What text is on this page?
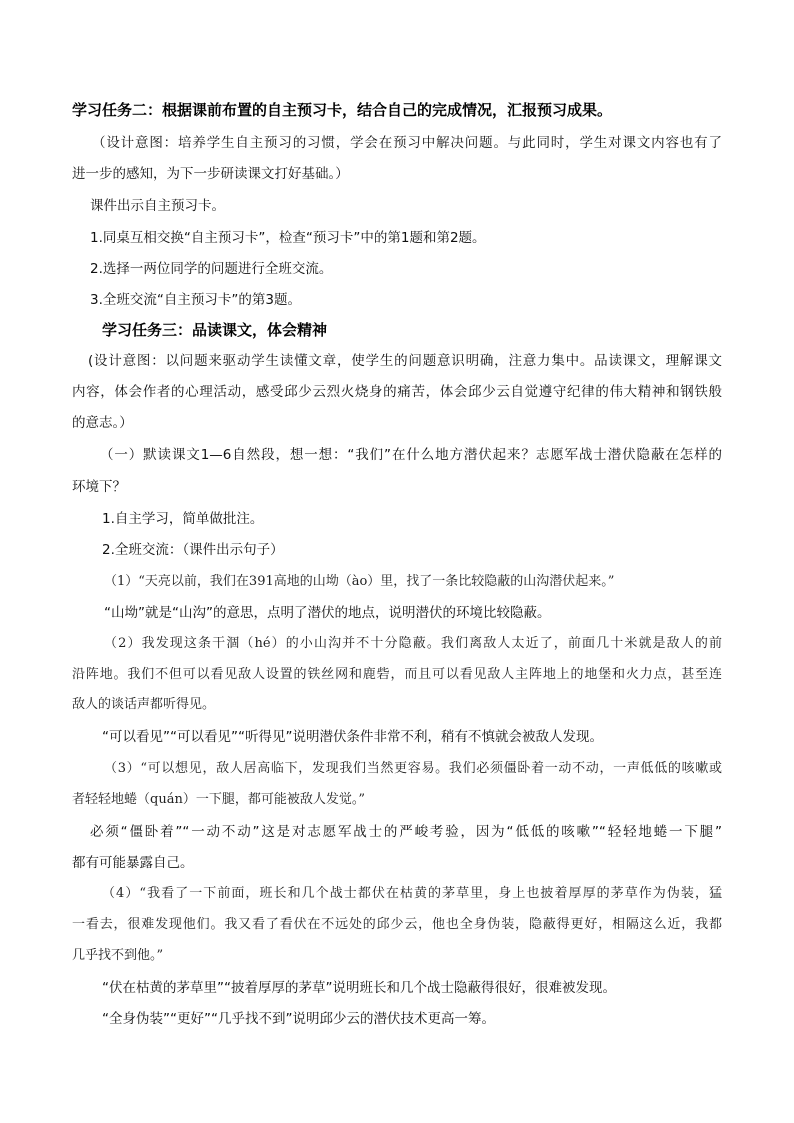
学习任务二：根据课前布置的自主预习卡，结合自己的完成情况，汇报预习成果。
（设计意图：培养学生自主预习的习惯，学会在预习中解决问题。与此同时，学生对课文内容也有了
进一步的感知，为下一步研读课文打好基础。）
课件出示自主预习卡。
1.同桌互相交换“自主预习卡”，检查“预习卡”中的第1题和第2题。
2.选择一两位同学的问题进行全班交流。
3.全班交流“自主预习卡”的第3题。
学习任务三：品读课文，体会精神
(设计意图：以问题来驱动学生读懂文章，使学生的问题意识明确，注意力集中。品读课文，理解课文
内容，体会作者的心理活动，感受邱少云烈火烧身的痛苦，体会邱少云自觉遵守纪律的伟大精神和钢铁般
的意志。）
（一）默读课文1—6自然段，想一想：“我们”在什么地方潜伏起来？志愿军战士潜伏隐蔽在怎样的
环境下？
1.自主学习，简单做批注。
2.全班交流：（课件出示句子）
（1）“天亮以前，我们在391高地的山坳（ào）里，找了一条比较隐蔽的山沟潜伏起来。”
“山坳”就是“山沟”的意思，点明了潜伏的地点，说明潜伏的环境比较隐蔽。
（2）我发现这条干涸（hé）的小山沟并不十分隐蔽。我们离敌人太近了，前面几十米就是敌人的前
沿阵地。我们不但可以看见敌人设置的铁丝网和鹿砦，而且可以看见敌人主阵地上的地堡和火力点，甚至连
敌人的谈话声都听得见。
“可以看见”“可以看见”“听得见”说明潜伏条件非常不利，稍有不慎就会被敌人发现。
（3）“可以想见，敌人居高临下，发现我们当然更容易。我们必须僵卧着一动不动，一声低低的咳嗽或
者轻轻地蜷（quán）一下腿，都可能被敌人发觉。”
必须“僵卧着”“一动不动”这是对志愿军战士的严峻考验，因为“低低的咳嗽”“轻轻地蜷一下腿”
都有可能暴露自己。
（4）“我看了一下前面，班长和几个战士都伏在枯黄的茅草里，身上也披着厚厚的茅草作为伪装，猛
一看去，很难发现他们。我又看了看伏在不远处的邱少云，他也全身伪装，隐蔽得更好，相隔这么近，我都
几乎找不到他。”
“伏在枯黄的茅草里”“披着厚厚的茅草”说明班长和几个战士隐蔽得很好，很难被发现。
“全身伪装”“更好”“几乎找不到”说明邱少云的潜伏技术更高一筹。
